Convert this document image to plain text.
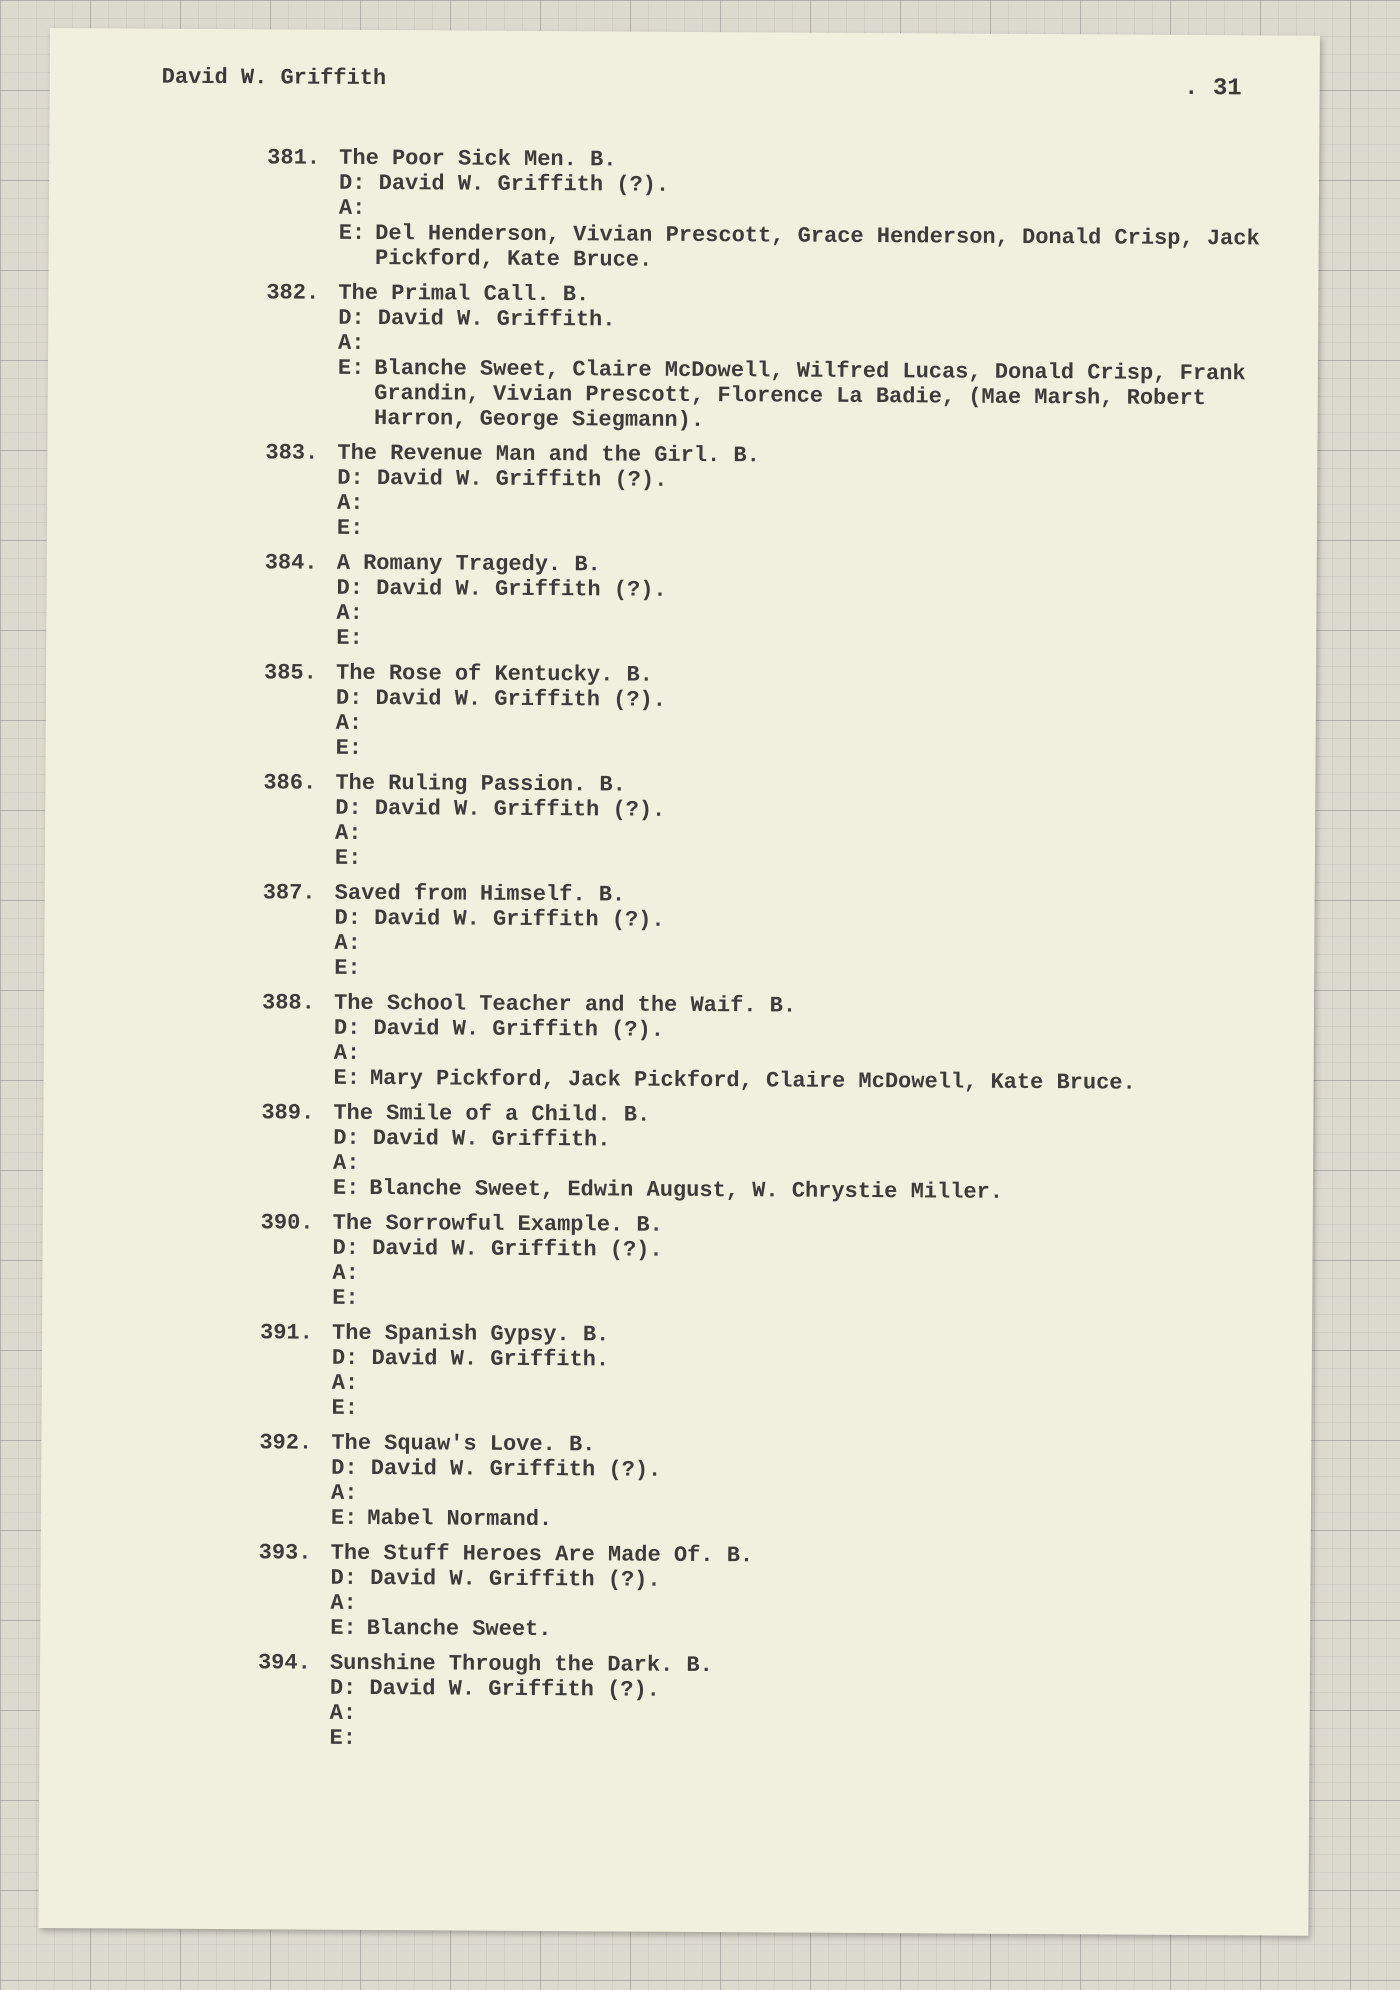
David W. Griffith	. 31
381. The Poor Sick Men. B.
D: David W. Griffith (?).
A:
E: Del Henderson, Vivian Prescott, Grace Henderson, Donald Crisp, Jack Pickford, Kate Bruce.
382. The Primal Call. B.
D: David W. Griffith.
A:
E: Blanche Sweet, Claire McDowell, Wilfred Lucas, Donald Crisp, Frank Grandin, Vivian Prescott, Florence La Badie, (Mae Marsh, Robert Harron, George Siegmann).
383. The Revenue Man and the Girl. B.
D: David W. Griffith (?).
A:
E:
384. A Romany Tragedy. B.
D: David W. Griffith (?).
A:
E:
385. The Rose of Kentucky. B.
D: David W. Griffith (?).
A:
E:
386. The Ruling Passion. B.
D: David W. Griffith (?).
A:
E:
387. Saved from Himself. B.
D: David W. Griffith (?).
A:
E:
388. The School Teacher and the Waif. B.
D: David W. Griffith (?).
A:
E: Mary Pickford, Jack Pickford, Claire McDowell, Kate Bruce.
389. The Smile of a Child. B.
D: David W. Griffith.
A:
E: Blanche Sweet, Edwin August, W. Chrystie Miller.
390. The Sorrowful Example. B.
D: David W. Griffith (?).
A:
E:
391. The Spanish Gypsy. B.
D: David W. Griffith.
A:
E:
392. The Squaw's Love. B.
D: David W. Griffith (?).
A:
E: Mabel Normand.
393. The Stuff Heroes Are Made Of. B.
D: David W. Griffith (?).
A:
E: Blanche Sweet.
394. Sunshine Through the Dark. B.
D: David W. Griffith (?).
A:
E:
